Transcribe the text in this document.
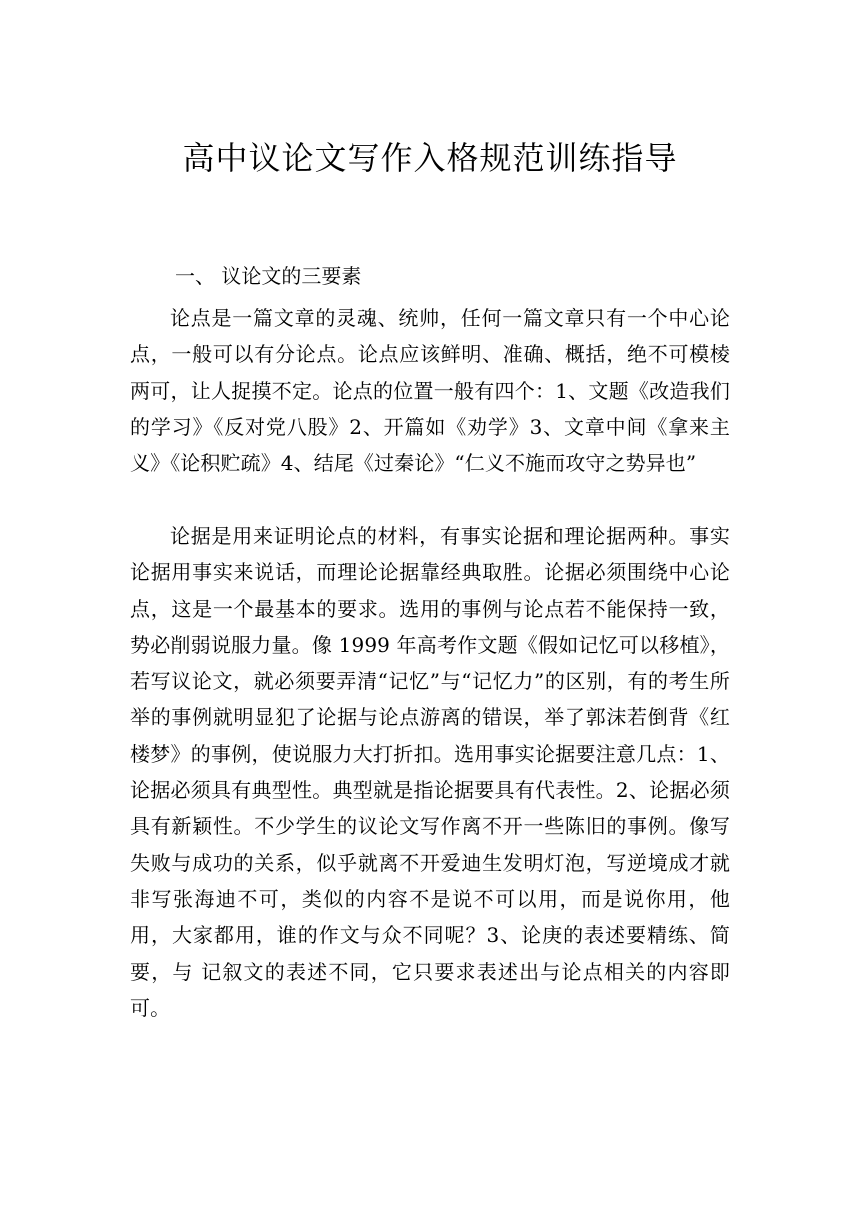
高中议论文写作入格规范训练指导
一、 议论文的三要素

论点是一篇文章的灵魂、统帅，任何一篇文章只有一个中心论点，一般可以有分论点。论点应该鲜明、准确、概括，绝不可模棱两可，让人捉摸不定。论点的位置一般有四个：1、文题《改造我们的学习》《反对党八股》2、开篇如《劝学》3、文章中间《拿来主义》《论积贮疏》4、结尾《过秦论》“仁义不施而攻守之势异也”

论据是用来证明论点的材料，有事实论据和理论据两种。事实论据用事实来说话，而理论论据靠经典取胜。论据必须围绕中心论点，这是一个最基本的要求。选用的事例与论点若不能保持一致，势必削弱说服力量。像 1999 年高考作文题《假如记忆可以移植》，若写议论文，就必须要弄清“记忆”与“记忆力”的区别，有的考生所举的事例就明显犯了论据与论点游离的错误，举了郭沫若倒背《红楼梦》的事例，使说服力大打折扣。选用事实论据要注意几点：1、论据必须具有典型性。典型就是指论据要具有代表性。2、论据必须具有新颖性。不少学生的议论文写作离不开一些陈旧的事例。像写失败与成功的关系，似乎就离不开爱迪生发明灯泡，写逆境成才就非写张海迪不可，类似的内容不是说不可以用，而是说你用，他用，大家都用，谁的作文与众不同呢？3、论庚的表述要精练、简要，与 记叙文的表述不同，它只要求表述出与论点相关的内容即可。
